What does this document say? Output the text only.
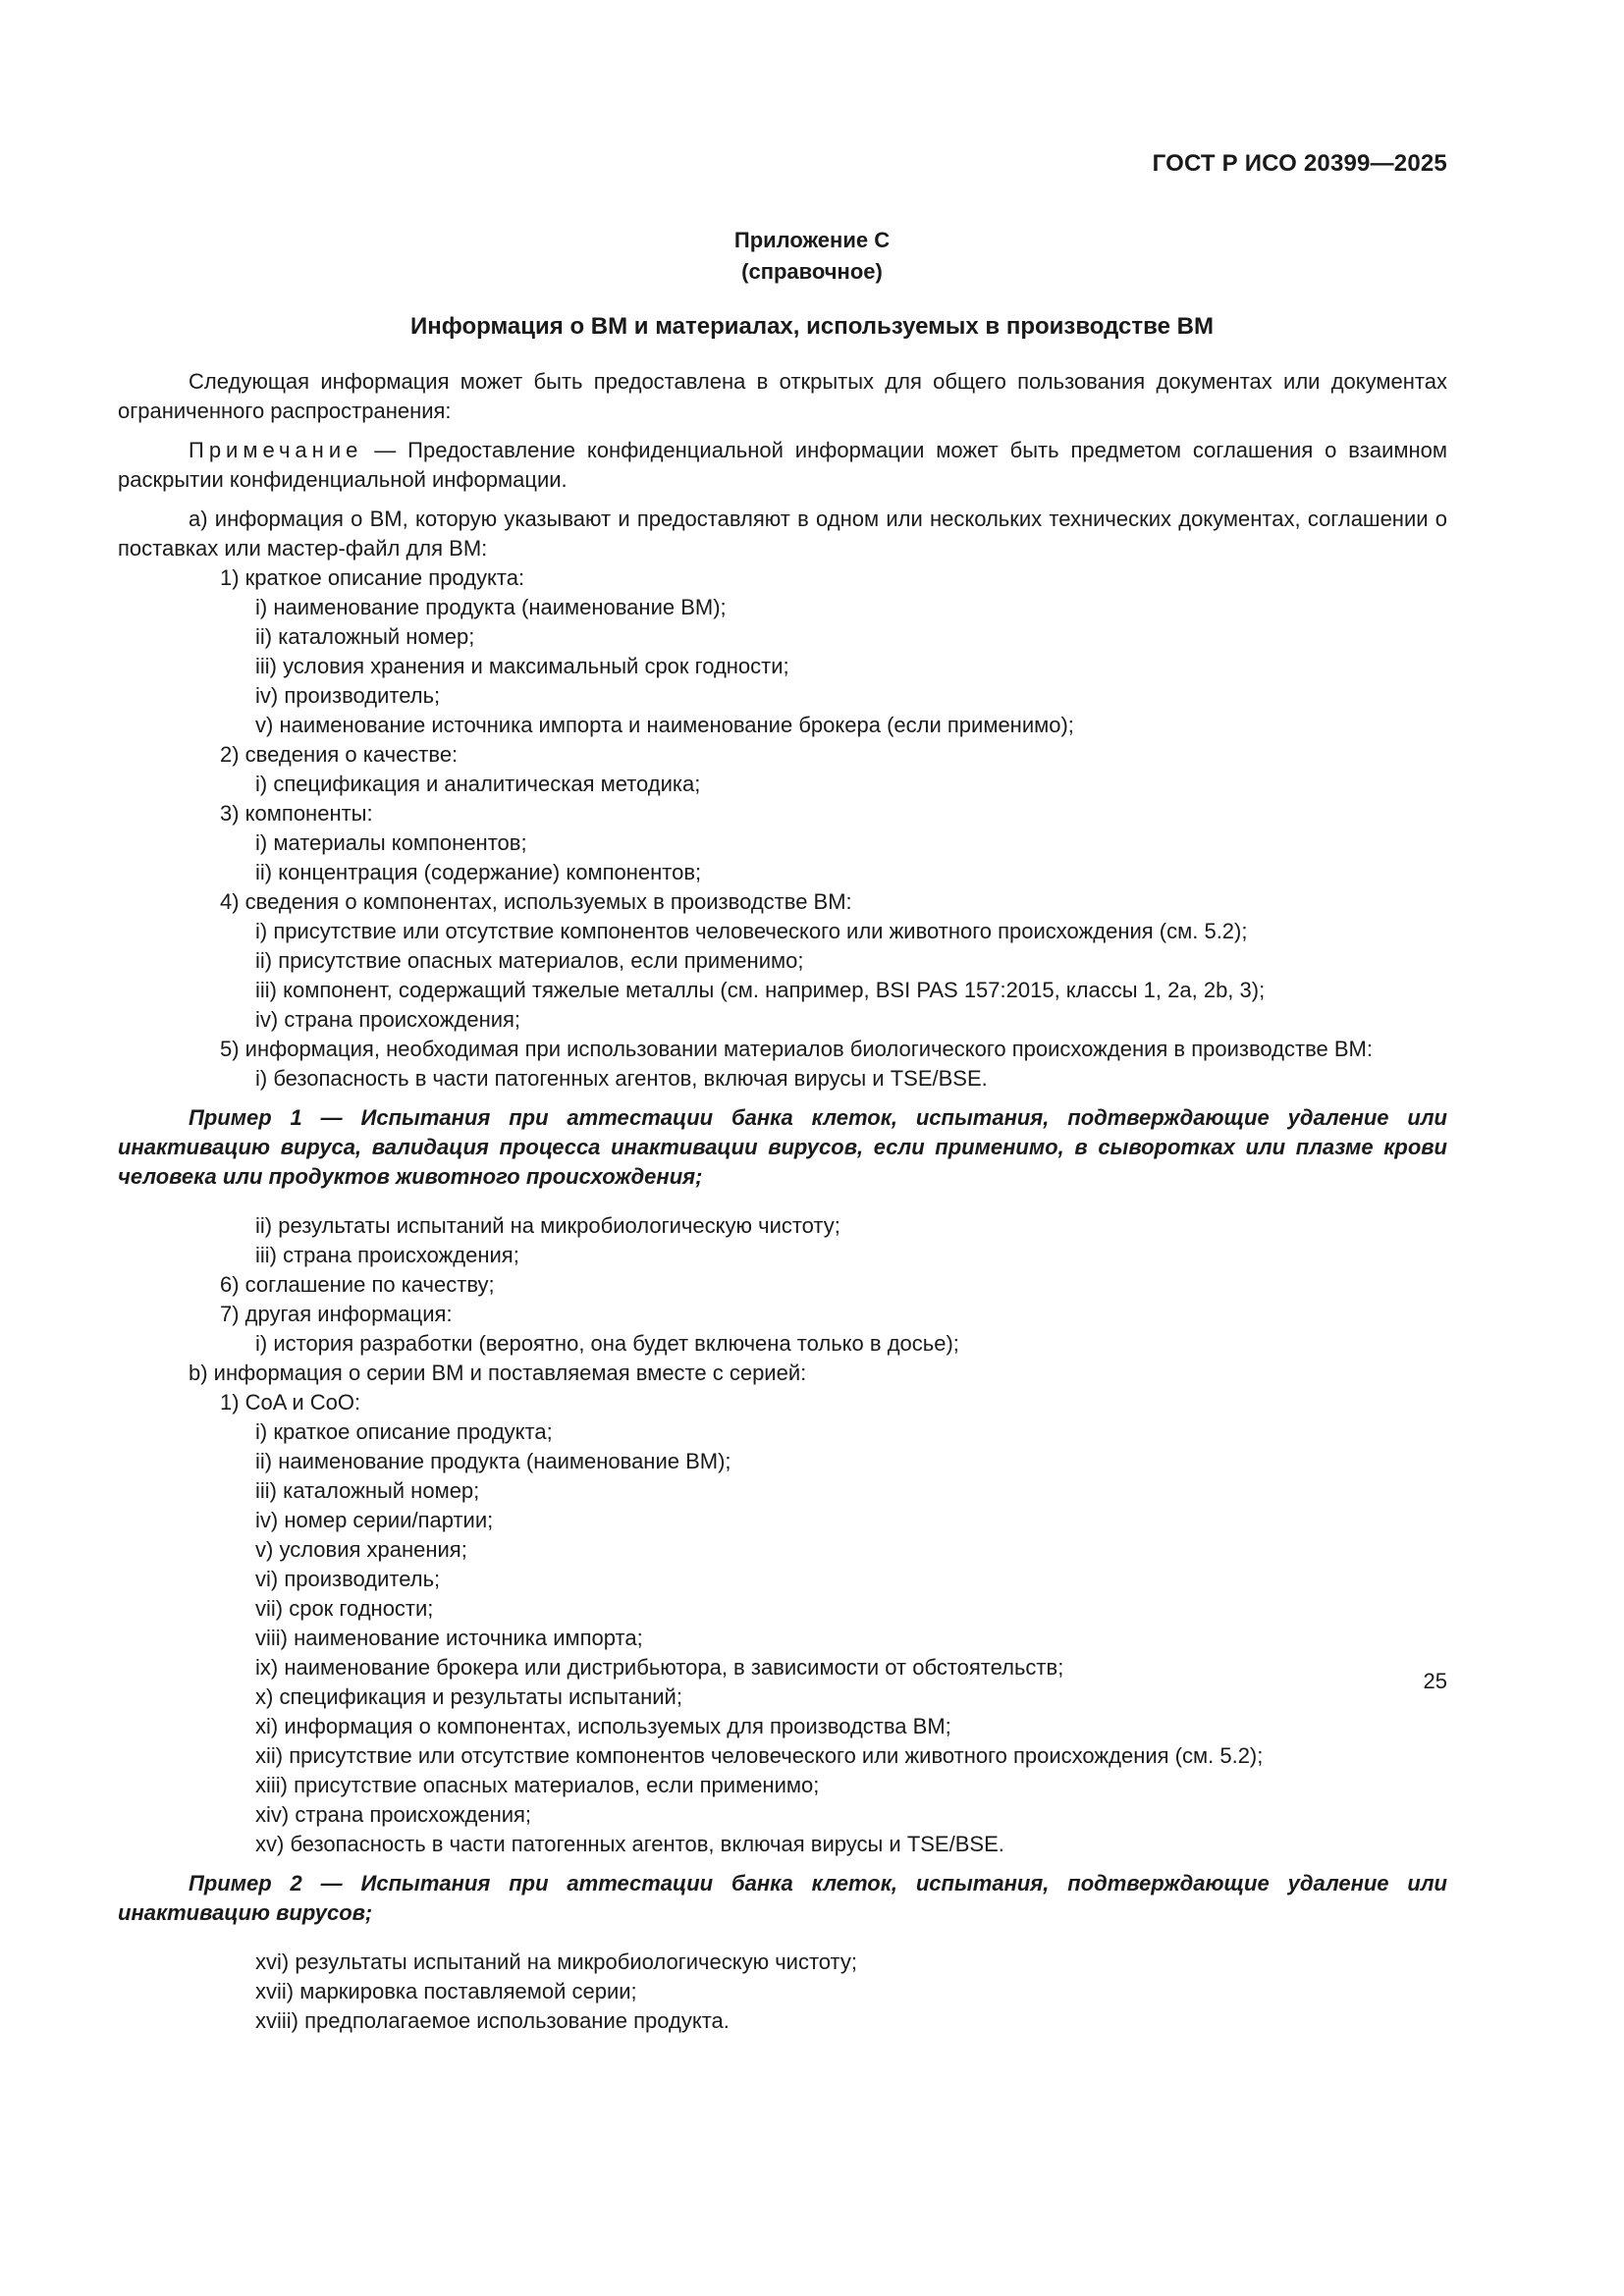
ГОСТ Р ИСО 20399—2025
Приложение С
(справочное)
Информация о ВМ и материалах, используемых в производстве ВМ

Следующая информация может быть предоставлена в открытых для общего пользования документах или документах ограниченного распространения:

Примечание — Предоставление конфиденциальной информации может быть предметом соглашения о взаимном раскрытии конфиденциальной информации.

а) информация о ВМ, которую указывают и предоставляют в одном или нескольких технических документах, соглашении о поставках или мастер-файл для ВМ:

1) краткое описание продукта:

i) наименование продукта (наименование ВМ);

ii) каталожный номер;

iii) условия хранения и максимальный срок годности;

iv) производитель;

v) наименование источника импорта и наименование брокера (если применимо);

2) сведения о качестве:

i) спецификация и аналитическая методика;

3) компоненты:

i) материалы компонентов;

ii) концентрация (содержание) компонентов;

4) сведения о компонентах, используемых в производстве ВМ:

i) присутствие или отсутствие компонентов человеческого или животного происхождения (см. 5.2);

ii) присутствие опасных материалов, если применимо;

iii) компонент, содержащий тяжелые металлы (см. например, BSI PAS 157:2015, классы 1, 2a, 2b, 3);

iv) страна происхождения;

5) информация, необходимая при использовании материалов биологического происхождения в производстве ВМ:

i) безопасность в части патогенных агентов, включая вирусы и TSE/BSE.

Пример 1 — Испытания при аттестации банка клеток, испытания, подтверждающие удаление или инактивацию вируса, валидация процесса инактивации вирусов, если применимо, в сыворотках или плазме крови человека или продуктов животного происхождения;

ii) результаты испытаний на микробиологическую чистоту;

iii) страна происхождения;

6) соглашение по качеству;

7) другая информация:

i) история разработки (вероятно, она будет включена только в досье);

b) информация о серии ВМ и поставляемая вместе с серией:

1) CoA и CoO:

i) краткое описание продукта;

ii) наименование продукта (наименование ВМ);

iii) каталожный номер;

iv) номер серии/партии;

v) условия хранения;

vi) производитель;

vii) срок годности;

viii) наименование источника импорта;

ix) наименование брокера или дистрибьютора, в зависимости от обстоятельств;

x) спецификация и результаты испытаний;

xi) информация о компонентах, используемых для производства ВМ;

xii) присутствие или отсутствие компонентов человеческого или животного происхождения (см. 5.2);

xiii) присутствие опасных материалов, если применимо;

xiv) страна происхождения;

xv) безопасность в части патогенных агентов, включая вирусы и TSE/BSE.

Пример 2 — Испытания при аттестации банка клеток, испытания, подтверждающие удаление или инактивацию вирусов;

xvi) результаты испытаний на микробиологическую чистоту;

xvii) маркировка поставляемой серии;

xviii) предполагаемое использование продукта.

25
